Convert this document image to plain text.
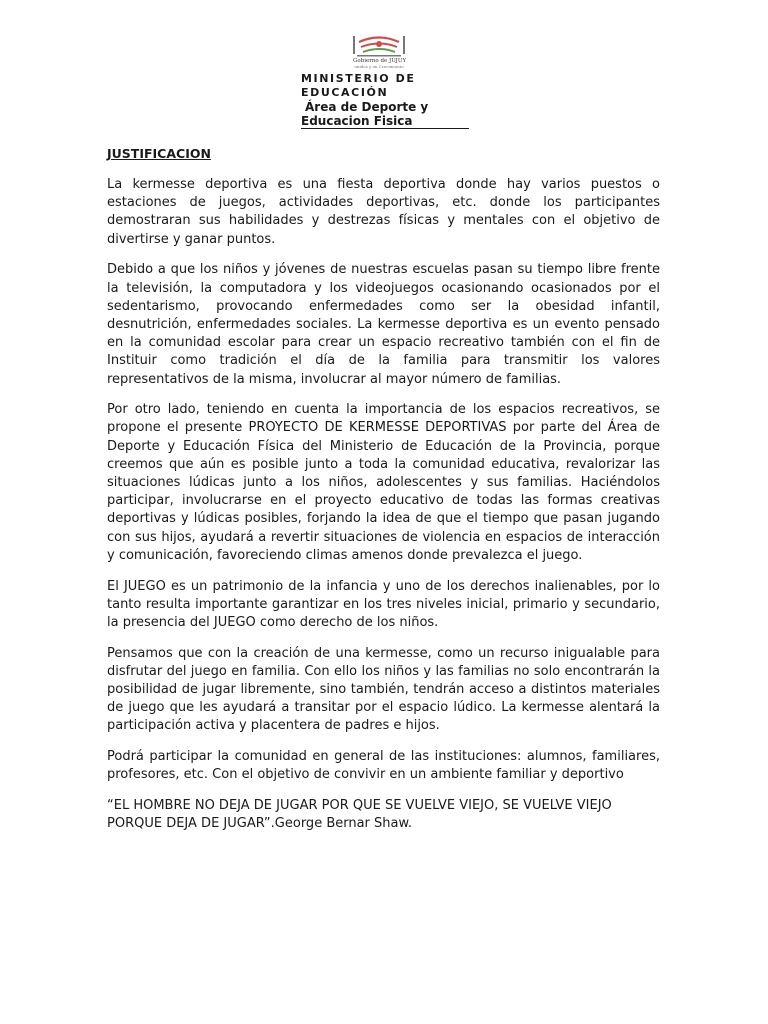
Gobierno de JUJUY
unidos y en Crecimiento
MINISTERIO DE
EDUCACIÓN
Área de Deporte y
Educacion Fisica
JUSTIFICACION

La kermesse deportiva es una fiesta deportiva donde hay varios puestos o estaciones de juegos, actividades deportivas, etc. donde los participantes demostraran sus habilidades y destrezas físicas y mentales con el objetivo de divertirse y ganar puntos.

Debido a que los niños y jóvenes de nuestras escuelas pasan su tiempo libre frente la televisión, la computadora y los videojuegos ocasionando ocasionados por el sedentarismo, provocando enfermedades como ser la obesidad infantil, desnutrición, enfermedades sociales. La kermesse deportiva es un evento pensado en la comunidad escolar para crear un espacio recreativo también con el fin de Instituir como tradición el día de la familia para transmitir los valores representativos de la misma, involucrar al mayor número de familias.

Por otro lado, teniendo en cuenta la importancia de los espacios recreativos, se propone el presente PROYECTO DE KERMESSE DEPORTIVAS por parte del Área de Deporte y Educación Física del Ministerio de Educación de la Provincia, porque creemos que aún es posible junto a toda la comunidad educativa, revalorizar las situaciones lúdicas junto a los niños, adolescentes y sus familias. Haciéndolos participar, involucrarse en el proyecto educativo de todas las formas creativas deportivas y lúdicas posibles, forjando la idea de que el tiempo que pasan jugando con sus hijos, ayudará a revertir situaciones de violencia en espacios de interacción y comunicación, favoreciendo climas amenos donde prevalezca el juego.

El JUEGO es un patrimonio de la infancia y uno de los derechos inalienables, por lo tanto resulta importante garantizar en los tres niveles inicial, primario y secundario, la presencia del JUEGO como derecho de los niños.

Pensamos que con la creación de una kermesse, como un recurso inigualable para disfrutar del juego en familia. Con ello los niños y las familias no solo encontrarán la posibilidad de jugar libremente, sino también, tendrán acceso a distintos materiales de juego que les ayudará a transitar por el espacio lúdico. La kermesse alentará la participación activa y placentera de padres e hijos.

Podrá participar la comunidad en general de las instituciones: alumnos, familiares, profesores, etc. Con el objetivo de convivir en un ambiente familiar y deportivo

“EL HOMBRE NO DEJA DE JUGAR POR QUE SE VUELVE VIEJO, SE VUELVE VIEJO PORQUE DEJA DE JUGAR”.George Bernar Shaw.
